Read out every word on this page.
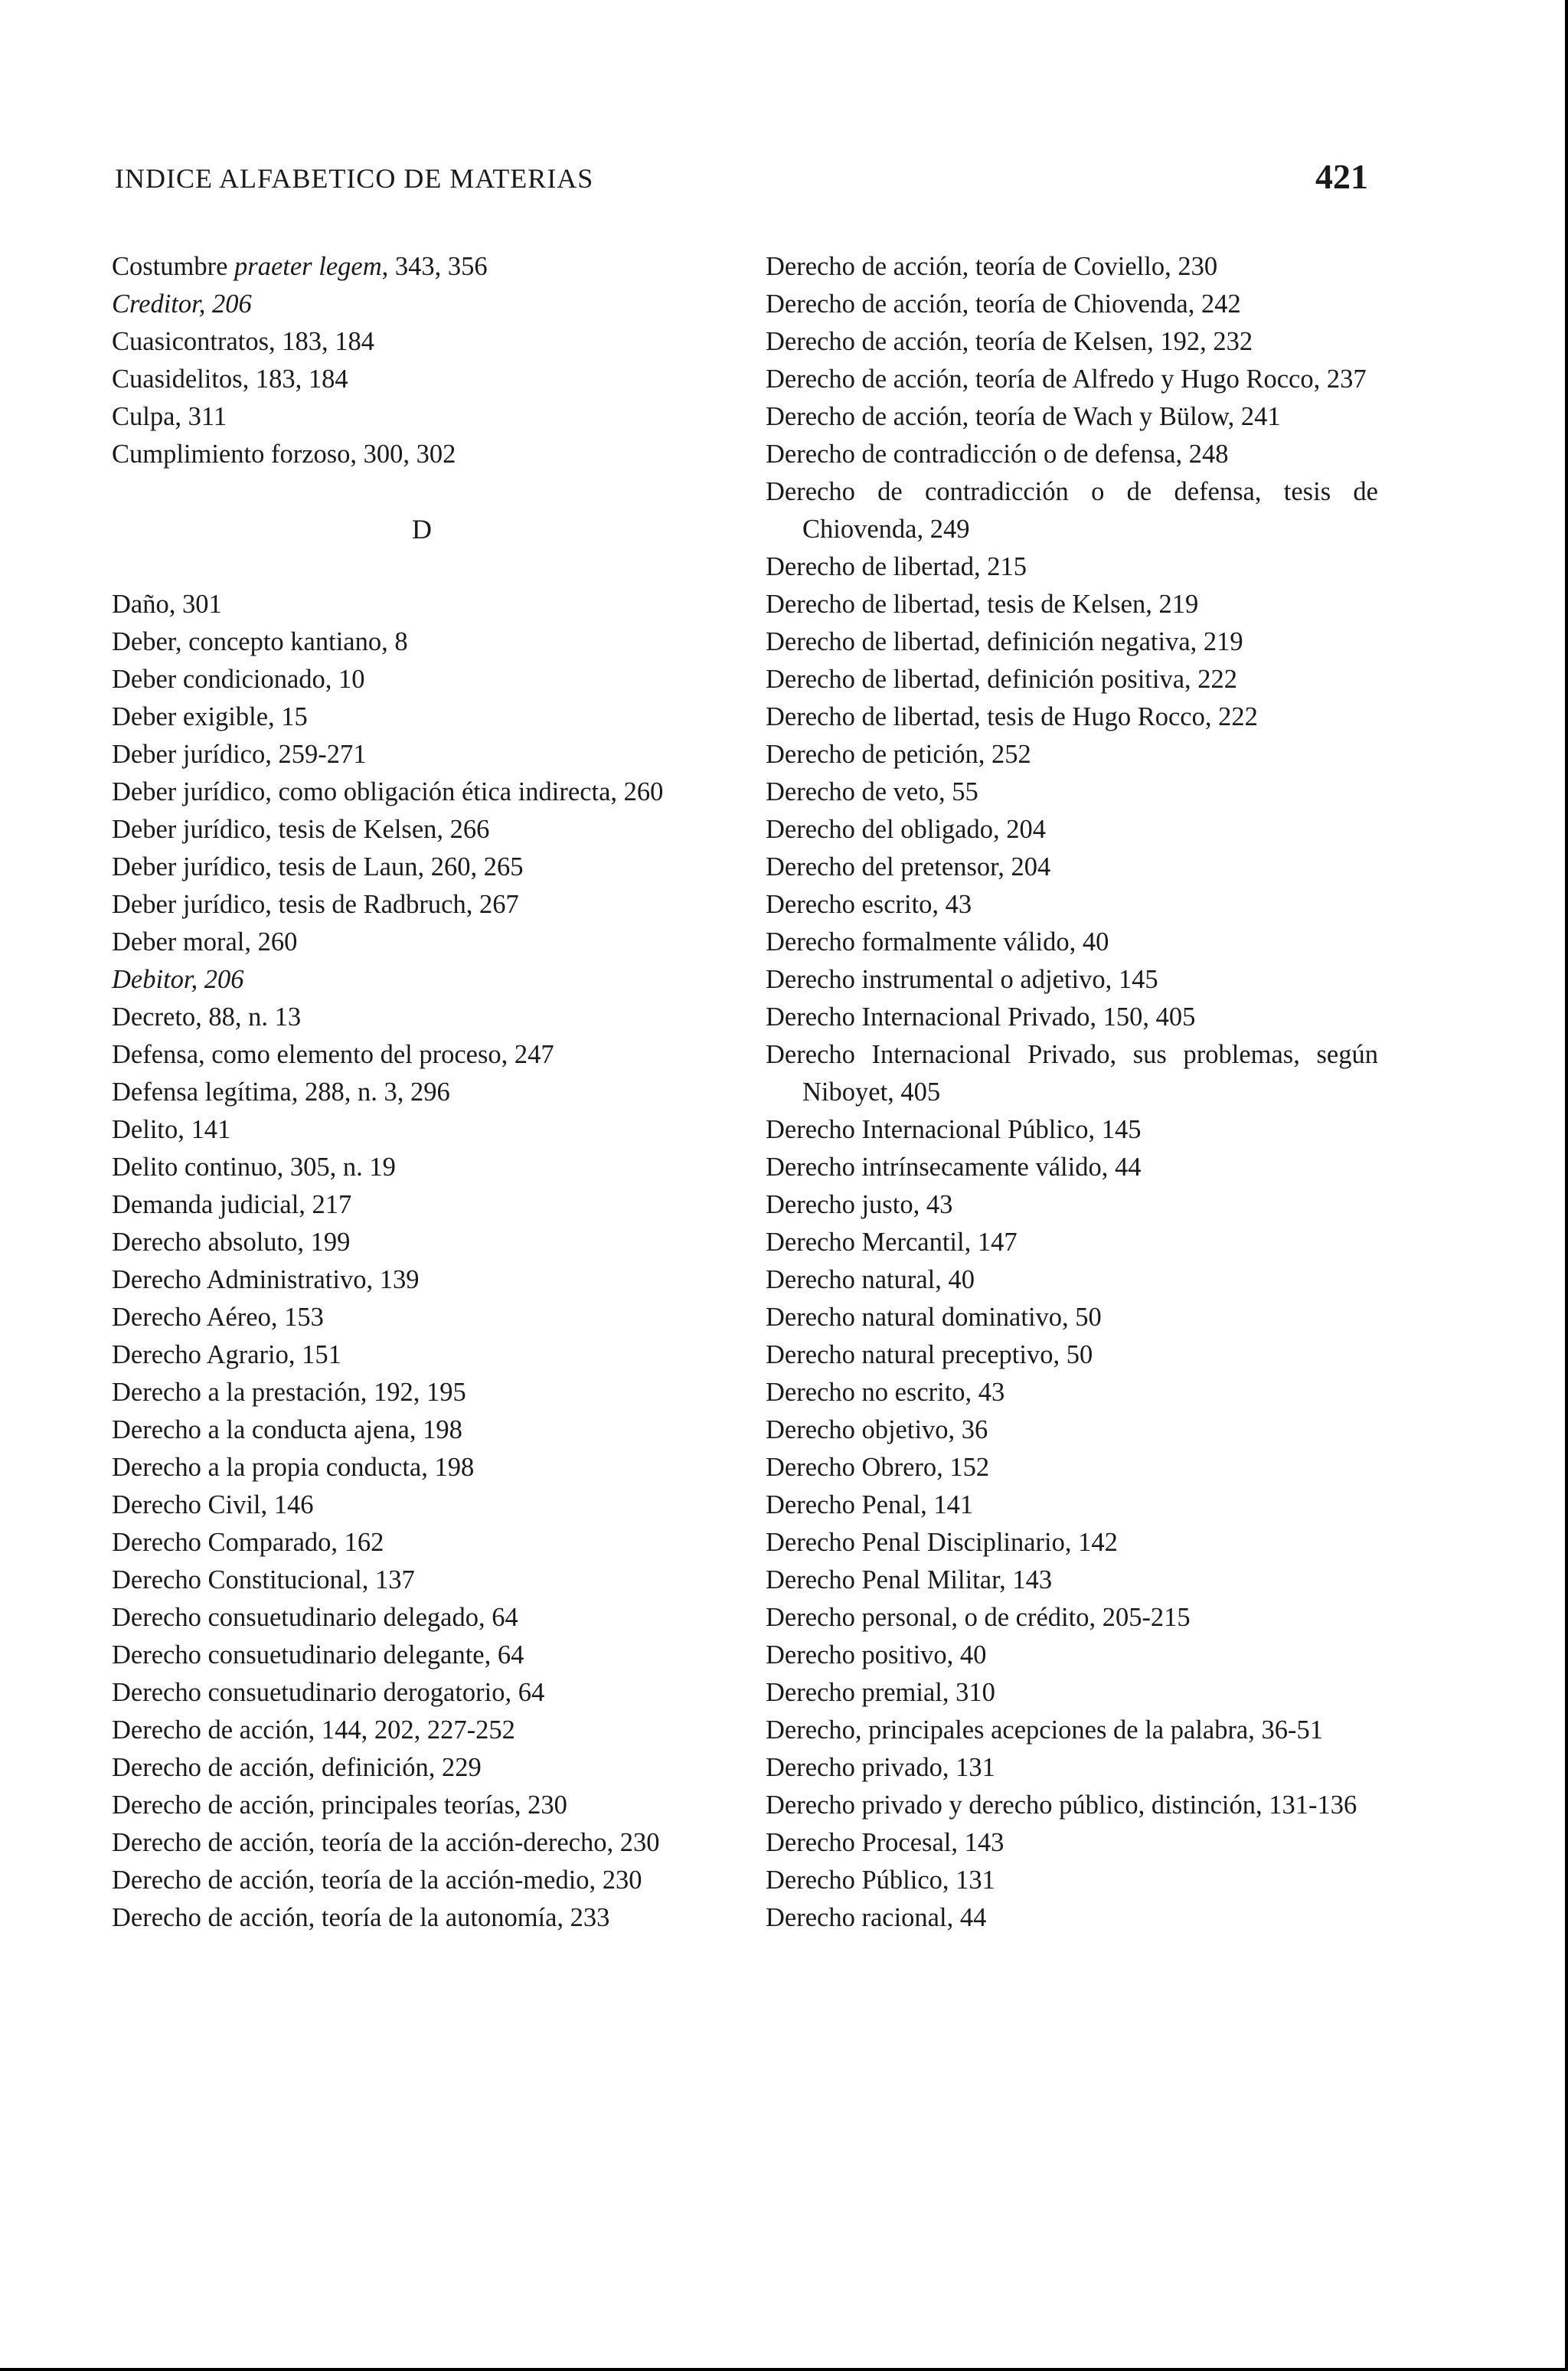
INDICE ALFABETICO DE MATERIAS	421

Costumbre praeter legem, 343, 356

Creditor, 206

Cuasicontratos, 183, 184

Cuasidelitos, 183, 184

Culpa, 311

Cumplimiento forzoso, 300, 302

D

Daño, 301

Deber, concepto kantiano, 8

Deber condicionado, 10

Deber exigible, 15

Deber jurídico, 259-271

Deber jurídico, como obligación ética indirecta, 260

Deber jurídico, tesis de Kelsen, 266

Deber jurídico, tesis de Laun, 260, 265

Deber jurídico, tesis de Radbruch, 267

Deber moral, 260

Debitor, 206

Decreto, 88, n. 13

Defensa, como elemento del proceso, 247

Defensa legítima, 288, n. 3, 296

Delito, 141

Delito continuo, 305, n. 19

Demanda judicial, 217

Derecho absoluto, 199

Derecho Administrativo, 139

Derecho Aéreo, 153

Derecho Agrario, 151

Derecho a la prestación, 192, 195

Derecho a la conducta ajena, 198

Derecho a la propia conducta, 198

Derecho Civil, 146

Derecho Comparado, 162

Derecho Constitucional, 137

Derecho consuetudinario delegado, 64

Derecho consuetudinario delegante, 64

Derecho consuetudinario derogatorio, 64

Derecho de acción, 144, 202, 227-252

Derecho de acción, definición, 229

Derecho de acción, principales teorías, 230

Derecho de acción, teoría de la acción-derecho, 230

Derecho de acción, teoría de la acción-medio, 230

Derecho de acción, teoría de la autonomía, 233

Derecho de acción, teoría de Coviello, 230

Derecho de acción, teoría de Chiovenda, 242

Derecho de acción, teoría de Kelsen, 192, 232

Derecho de acción, teoría de Alfredo y Hugo Rocco, 237

Derecho de acción, teoría de Wach y Bülow, 241

Derecho de contradicción o de defensa, 248

Derecho de contradicción o de defensa, tesis de Chiovenda, 249

Derecho de libertad, 215

Derecho de libertad, tesis de Kelsen, 219

Derecho de libertad, definición negativa, 219

Derecho de libertad, definición positiva, 222

Derecho de libertad, tesis de Hugo Rocco, 222

Derecho de petición, 252

Derecho de veto, 55

Derecho del obligado, 204

Derecho del pretensor, 204

Derecho escrito, 43

Derecho formalmente válido, 40

Derecho instrumental o adjetivo, 145

Derecho Internacional Privado, 150, 405

Derecho Internacional Privado, sus problemas, según Niboyet, 405

Derecho Internacional Público, 145

Derecho intrínsecamente válido, 44

Derecho justo, 43

Derecho Mercantil, 147

Derecho natural, 40

Derecho natural dominativo, 50

Derecho natural preceptivo, 50

Derecho no escrito, 43

Derecho objetivo, 36

Derecho Obrero, 152

Derecho Penal, 141

Derecho Penal Disciplinario, 142

Derecho Penal Militar, 143

Derecho personal, o de crédito, 205-215

Derecho positivo, 40

Derecho premial, 310

Derecho, principales acepciones de la palabra, 36-51

Derecho privado, 131

Derecho privado y derecho público, distinción, 131-136

Derecho Procesal, 143

Derecho Público, 131

Derecho racional, 44
